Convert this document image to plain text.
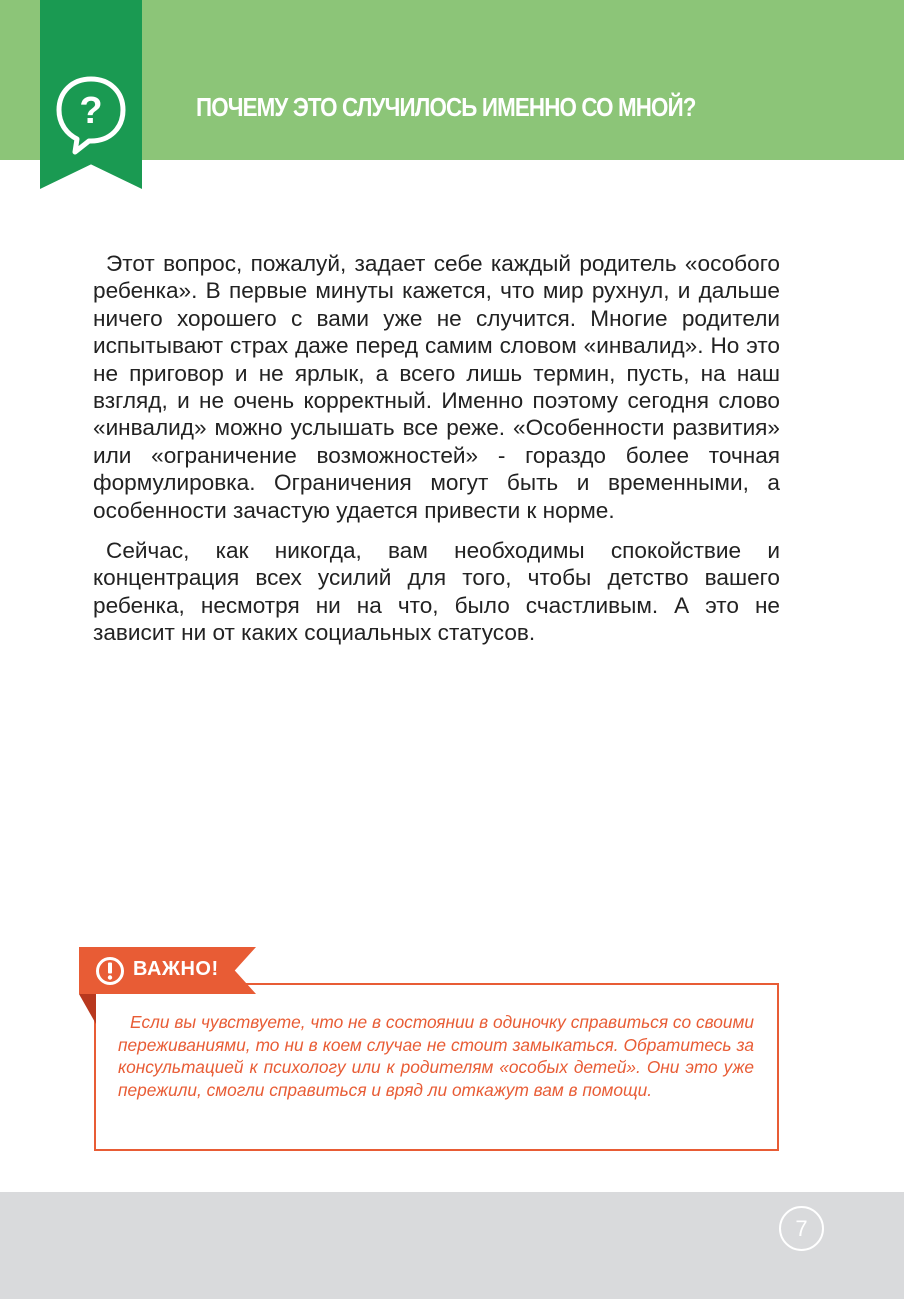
?	ПОЧЕМУ ЭТО СЛУЧИЛОСЬ ИМЕННО СО МНОЙ?

Этот вопрос, пожалуй, задает себе каждый родитель «особого ребенка». В первые минуты кажется, что мир рухнул, и дальше ничего хорошего с вами уже не случится. Многие родители испытывают страх даже перед самим словом «инвалид». Но это не приговор и не ярлык, а всего лишь термин, пусть, на наш взгляд, и не очень корректный. Именно поэтому сегодня слово «инвалид» можно услышать все реже. «Особенности развития» или «ограничение возможностей» - гораздо более точная формулировка. Ограничения могут быть и временными, а особенности зачастую удается привести к норме.

Сейчас, как никогда, вам необходимы спокойствие и концентрация всех усилий для того, чтобы детство вашего ребенка, несмотря ни на что, было счастливым. А это не зависит ни от каких социальных статусов.

ВАЖНО!
Если вы чувствуете, что не в состоянии в одиночку справиться со своими переживаниями, то ни в коем случае не стоит замыкаться. Обратитесь за консультацией к психологу или к родителям «особых детей». Они это уже пережили, смогли справиться и вряд ли откажут вам в помощи.
7
